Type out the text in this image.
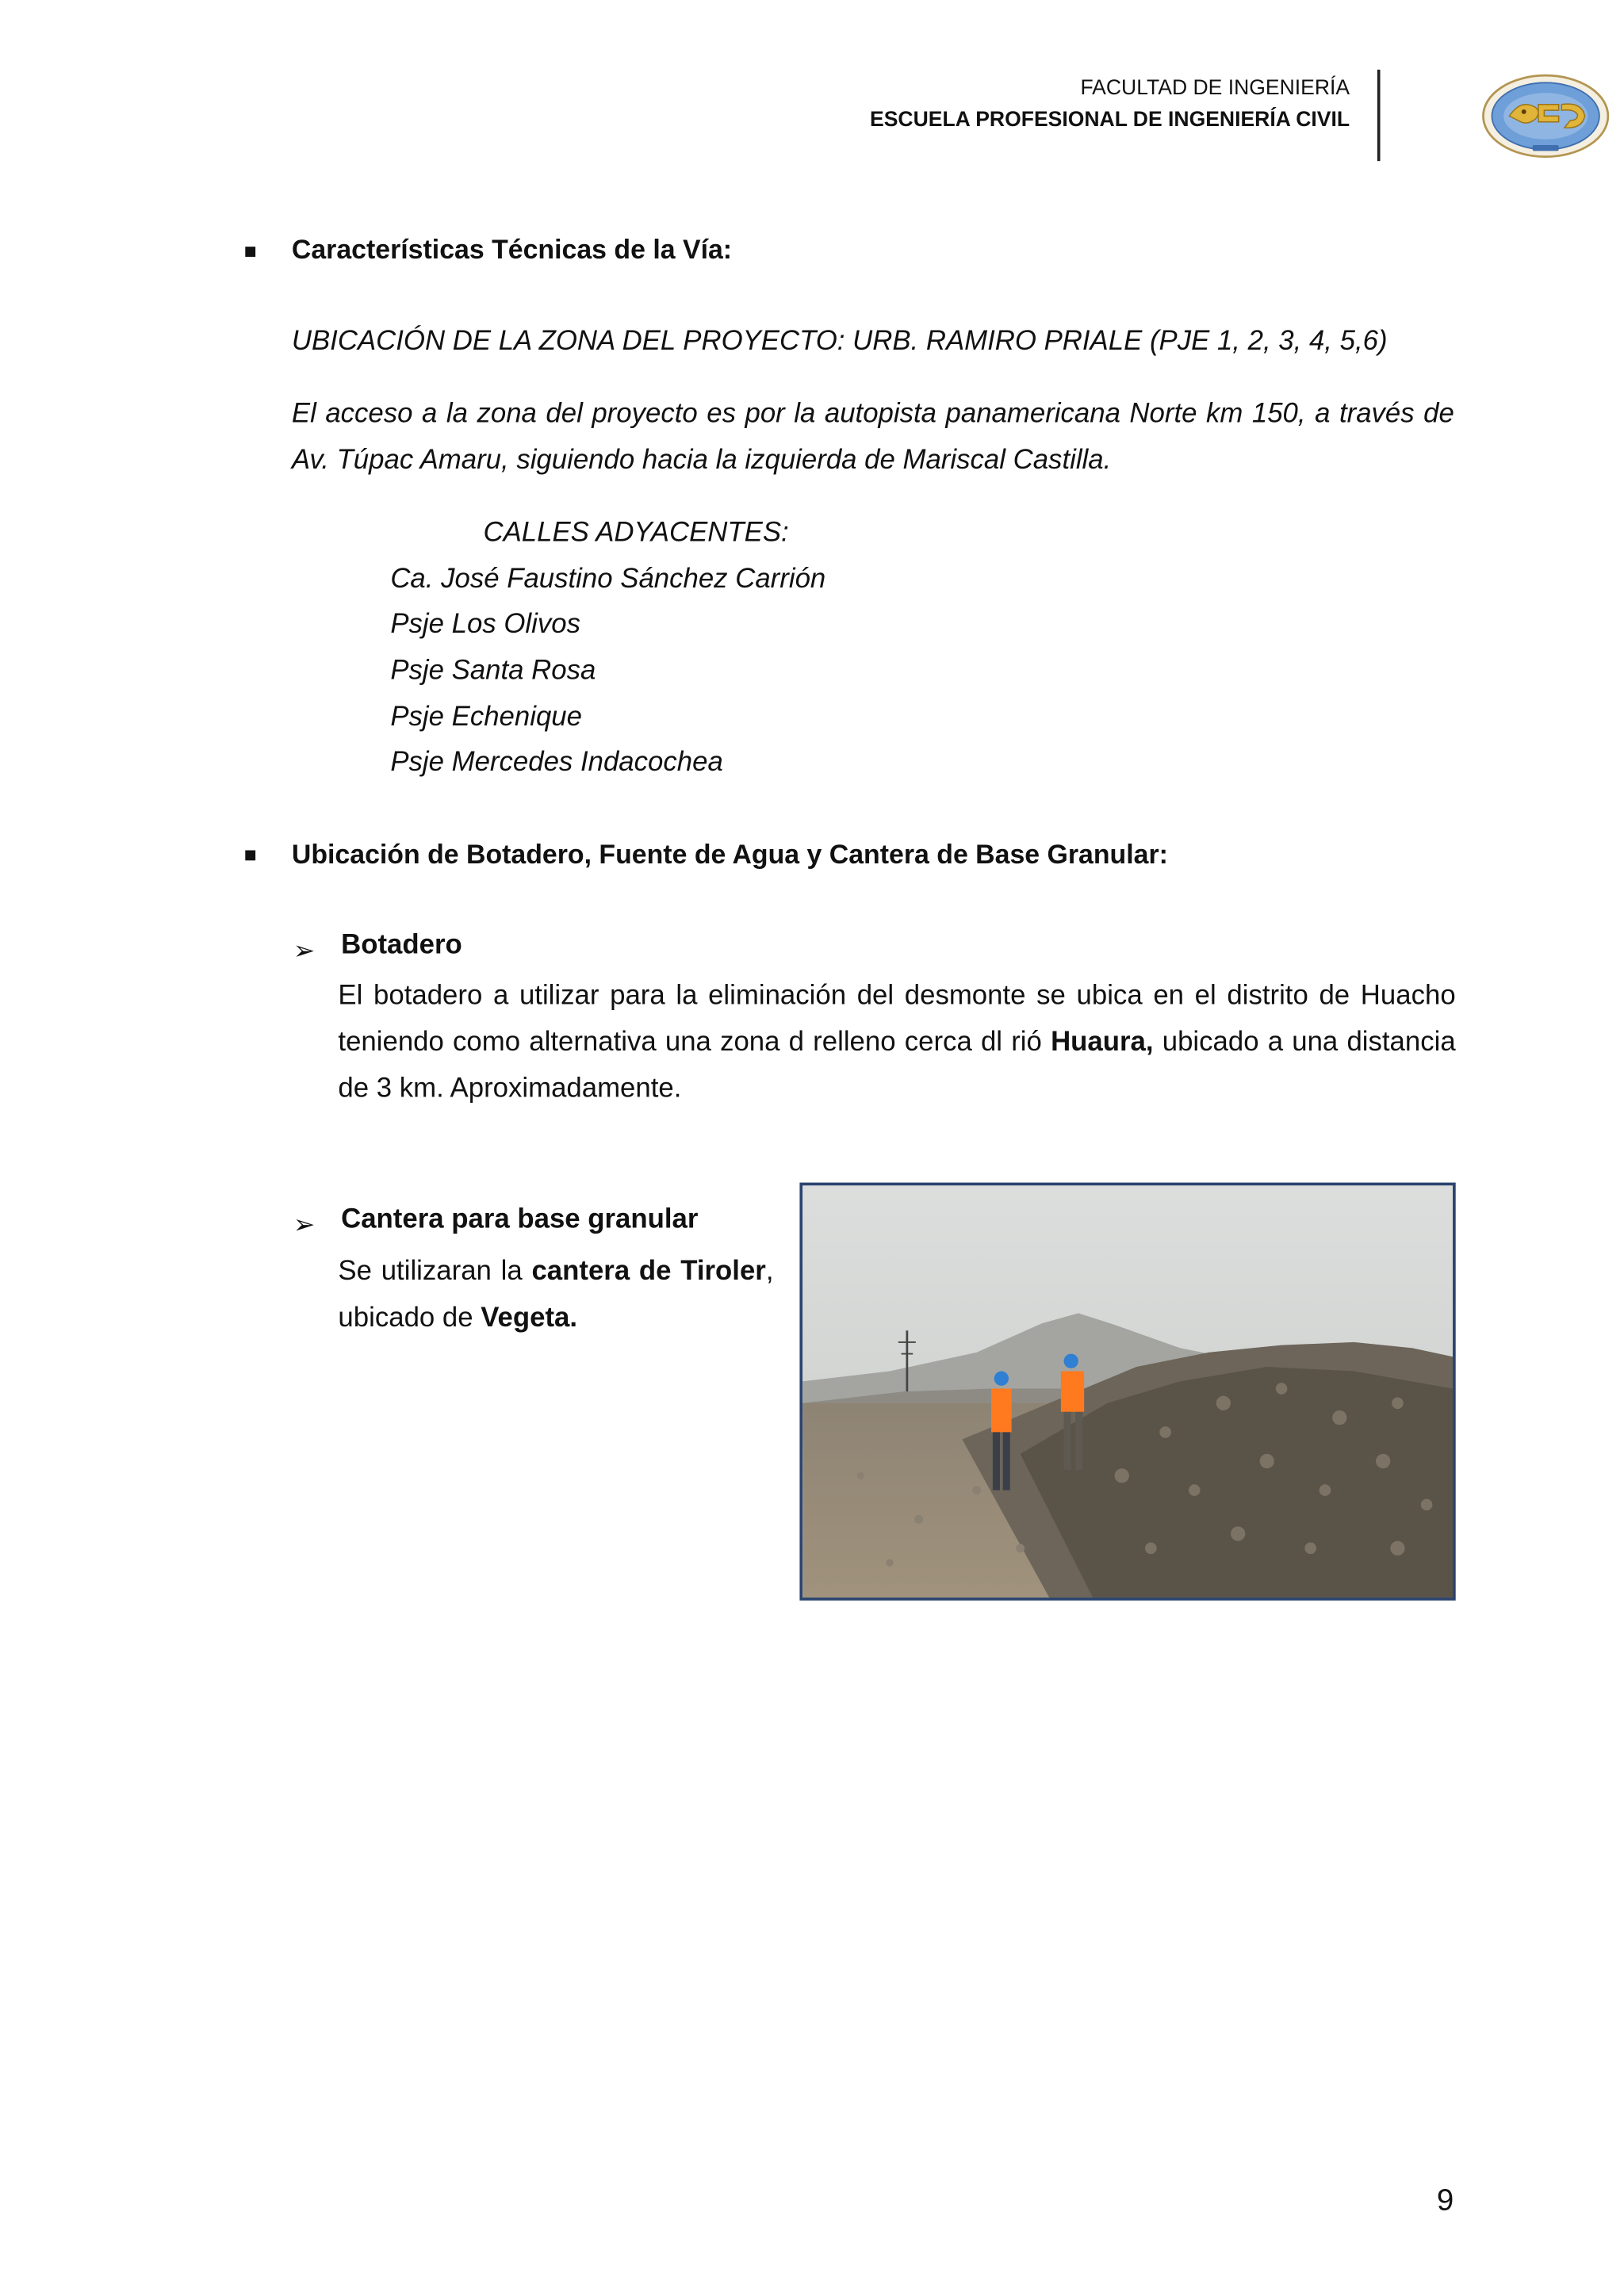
FACULTAD DE INGENIERÍA
ESCUELA PROFESIONAL DE INGENIERÍA CIVIL
Características Técnicas de la Vía:
UBICACIÓN DE LA ZONA DEL PROYECTO: URB. RAMIRO PRIALE (PJE 1, 2, 3, 4, 5,6)
El acceso a la zona del proyecto es por la autopista panamericana Norte km 150, a través de Av. Túpac Amaru, siguiendo hacia la izquierda de Mariscal Castilla.
CALLES ADYACENTES:
Ca. José Faustino Sánchez Carrión
Psje Los Olivos
Psje Santa Rosa
Psje Echenique
Psje Mercedes Indacochea
Ubicación de Botadero, Fuente de Agua y Cantera de Base Granular:
➢ Botadero
El botadero a utilizar para la eliminación del desmonte se ubica en el distrito de Huacho teniendo como alternativa una zona d relleno cerca dl rió Huaura, ubicado a una distancia de 3 km. Aproximadamente.
➢ Cantera para base granular
Se utilizaran la cantera de Tiroler, ubicado de Vegeta.
9
